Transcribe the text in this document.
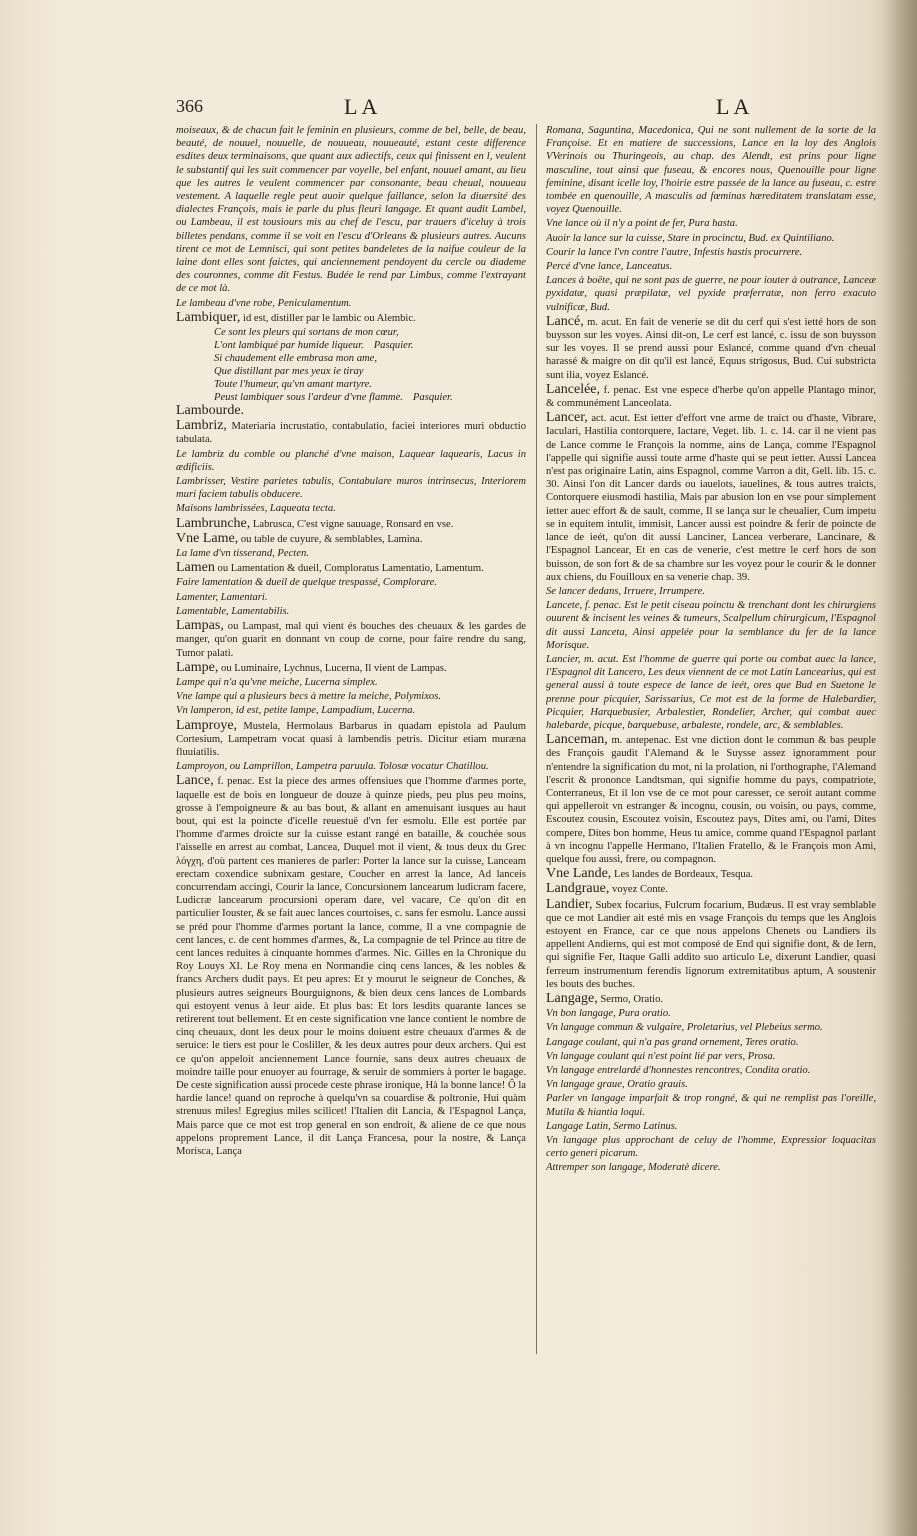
366	LA	LA

moiseaux, & de chacun fait le feminin en plusieurs, comme de bel, belle, de beau, beauté, de nouuel, nouuelle, de nouueau, nouueauté, estant ceste difference esdites deux terminaisons, que quant aux adiectifs, ceux qui finissent en l, veulent le substantif qui les suit commencer par voyelle, bel enfant, nouuel amant, au lieu que les autres le veulent commencer par consonante, beau cheual, nouueau vestement. A laquelle regle peut auoir quelque faillance, selon la diuersité des dialectes François, mais ie parle du plus fleuri langage. Et quant audit Lambel, ou Lambeau, il est tousiours mis au chef de l'escu, par trauers d'iceluy à trois billetes pendans, comme il se voit en l'escu d'Orleans & plusieurs autres. Aucuns tirent ce mot de Lemnisci, qui sont petites bandeletes de la naifue couleur de la laine dont elles sont faictes, qui anciennement pendoyent du cercle ou diademe des couronnes, comme dit Festus. Budée le rend par Limbus, comme l'extrayant de ce mot là.

Le lambeau d'vne robe, Peniculamentum.

Lambiquer, id est, distiller par le lambic ou Alembic.

Ce sont les pleurs qui sortans de mon cœur,

L'ont lambiqué par humide liqueur. Pasquier.

Si chaudement elle embrasa mon ame,

Que distillant par mes yeux ie tiray

Toute l'humeur, qu'vn amant martyre.

Peust lambiquer sous l'ardeur d'vne flamme. Pasquier.

Lambourde.

Lambriz, Materiaria incrustatio, contabulatio, faciei interiores muri obductio tabulata.

Le lambriz du comble ou planché d'vne maison, Laquear laquearis, Lacus in ædificiis.

Lambrisser, Vestire parietes tabulis, Contabulare muros intrinsecus, Interiorem muri faciem tabulis obducere.

Maisons lambrissées, Laqueata tecta.

Lambrunche, Labrusca, C'est vigne sauuage, Ronsard en vse.

Vne Lame, ou table de cuyure, & semblables, Lamina.

La lame d'vn tisserand, Pecten.

Lamen ou Lamentation & dueil, Comploratus Lamentatio, Lamentum.

Faire lamentation & dueil de quelque trespassé, Complorare.

Lamenter, Lamentari.

Lamentable, Lamentabilis.

Lampas, ou Lampast, mal qui vient és bouches des cheuaux & les gardes de manger, qu'on guarit en donnant vn coup de corne, pour faire rendre du sang, Tumor palati.

Lampe, ou Luminaire, Lychnus, Lucerna, Il vient de Lampas.

Lampe qui n'a qu'vne meiche, Lucerna simplex.

Vne lampe qui a plusieurs becs à mettre la meiche, Polymixos.

Vn lamperon, id est, petite lampe, Lampadium, Lucerna.

Lamproye, Mustela, Hermolaus Barbarus in quadam epistola ad Paulum Cortesium, Lampetram vocat quasi à lambendis petris. Dicitur etiam muræna fluuiatilis.

Lamproyon, ou Lamprillon, Lampetra paruula. Tolosæ vocatur Chatillou.

Lance, f. penac. Est la piece des armes offensiues que l'homme d'armes porte, laquelle est de bois en longueur de douze à quinze pieds, peu plus peu moins, grosse à l'empoigneure & au bas bout, & allant en amenuisant iusques au haut bout, qui est la poincte d'icelle reuestuë d'vn fer esmolu. Elle est portée par l'homme d'armes droicte sur la cuisse estant rangé en bataille, & couchée sous l'aisselle en arrest au combat, Lancea, Duquel mot il vient, & tous deux du Grec λόγχη, d'où partent ces manieres de parler: Porter la lance sur la cuisse, Lanceam erectam coxendice subnixam gestare, Coucher en arrest la lance, Ad lanceis concurrendam accingi, Courir la lance, Concursionem lancearum ludicram facere, Ludicræ lancearum procursioni operam dare, vel vacare, Ce qu'on dit en particulier Iouster, & se fait auec lances courtoises, c. sans fer esmolu. Lance aussi se préd pour l'homme d'armes portant la lance, comme, Il a vne compagnie de cent lances, c. de cent hommes d'armes, &, La compagnie de tel Prince au titre de cent lances reduites à cinquante hommes d'armes. Nic. Gilles en la Chronique du Roy Louys XI. Le Roy mena en Normandie cinq cens lances, & les nobles & francs Archers dudit pays. Et peu apres: Et y mourut le seigneur de Conches, & plusieurs autres seigneurs Bourguignons, & bien deux cens lances de Lombards qui estoyent venus à leur aide. Et plus bas: Et lors lesdits quarante lances se retirerent tout bellement. Et en ceste signification vne lance contient le nombre de cinq cheuaux, dont les deux pour le moins doiuent estre cheuaux d'armes & de seruice: le tiers est pour le Cosliller, & les deux autres pour deux archers. Qui est ce qu'on appeloit anciennement Lance fournie, sans deux autres cheuaux de moindre taille pour enuoyer au fourrage, & seruir de sommiers à porter le bagage. De ceste signification aussi procede ceste phrase ironique, Hà la bonne lance! Ô la hardie lance! quand on reproche à quelqu'vn sa couardise & poltronie, Hui quàm strenuus miles! Egregius miles scilicet! l'Italien dit Lancia, & l'Espagnol Lança, Mais parce que ce mot est trop general en son endroit, & aliene de ce que nous appelons proprement Lance, il dit Lança Francesa, pour la nostre, & Lança Morisca, Lança

Romana, Saguntina, Macedonica, Qui ne sont nullement de la sorte de la Françoise. Et en matiere de successions, Lance en la loy des Anglois VVerinois ou Thuringeois, au chap. des Alendt, est prins pour ligne masculine, tout ainsi que fuseau, & encores nous, Quenouille pour ligne feminine, disant icelle loy, l'hoirie estre passée de la lance au fuseau, c. estre tombée en quenouille, A masculis ad fœminas hæreditatem translatam esse, voyez Quenouille.

Vne lance où il n'y a point de fer, Pura hasta.

Auoir la lance sur la cuisse, Stare in procinctu, Bud. ex Quintiliano.

Courir la lance l'vn contre l'autre, Infestis hastis procurrere.

Percé d'vne lance, Lanceatus.

Lances à boëte, qui ne sont pas de guerre, ne pour iouter à outrance, Lanceæ pyxidatæ, quasi præpilatæ, vel pyxide præferratæ, non ferro exacuto vulnificæ, Bud.

Lancé, m. acut. En fait de venerie se dit du cerf qui s'est ietté hors de son buysson sur les voyes. Ainsi dit-on, Le cerf est lancé, c. issu de son buysson sur les voyes. Il se prend aussi pour Eslancé, comme quand d'vn cheual harassé & maigre on dit qu'il est lancé, Equus strigosus, Bud. Cui substricta sunt ilia, voyez Eslancé.

Lancelée, f. penac. Est vne espece d'herbe qu'on appelle Plantago minor, & communément Lanceolata.

Lancer, act. acut. Est ietter d'effort vne arme de traict ou d'haste, Vibrare, Iaculari, Hastilia contorquere, Iactare, Veget. lib. 1. c. 14. car il ne vient pas de Lance comme le François la nomme, ains de Lança, comme l'Espagnol l'appelle qui signifie aussi toute arme d'haste qui se peut ietter. Aussi Lancea n'est pas originaire Latin, ains Espagnol, comme Varron a dit, Gell. lib. 15. c. 30. Ainsi l'on dit Lancer dards ou iauelots, iauelines, & tous autres traicts, Contorquere eiusmodi hastilia, Mais par abusion lon en vse pour simplement ietter auec effort & de sault, comme, Il se lança sur le cheualier, Cum impetu se in equitem intulit, immisit, Lancer aussi est poindre & ferir de poincte de lance de ieét, qu'on dit aussi Lanciner, Lancea verberare, Lancinare, & l'Espagnol Lancear, Et en cas de venerie, c'est mettre le cerf hors de son buisson, de son fort & de sa chambre sur les voyez pour le courir & le donner aux chiens, du Fouilloux en sa venerie chap. 39.

Se lancer dedans, Irruere, Irrumpere.

Lancete, f. penac. Est le petit ciseau poinctu & trenchant dont les chirurgiens ouurent & incisent les veines & tumeurs, Scalpellum chirurgicum, l'Espagnol dit aussi Lanceta, Ainsi appelée pour la semblance du fer de la lance Morisque.

Lancier, m. acut. Est l'homme de guerre qui porte ou combat auec la lance, l'Espagnol dit Lancero, Les deux viennent de ce mot Latin Lancearius, qui est general aussi à toute espece de lance de ieét, ores que Bud en Suetone le prenne pour picquier, Sarissarius, Ce mot est de la forme de Halebardier, Picquier, Harquebusier, Arbalestier, Rondelier, Archer, qui combat auec halebarde, picque, barquebuse, arbaleste, rondele, arc, & semblables.

Lanceman, m. antepenac. Est vne diction dont le commun & bas peuple des François gaudit l'Alemand & le Suysse assez ignoramment pour n'entendre la signification du mot, ni la prolation, ni l'orthographe, l'Alemand l'escrit & prononce Landtsman, qui signifie homme du pays, compatriote, Conterraneus, Et il lon vse de ce mot pour caresser, ce seroit autant comme qui appelleroit vn estranger & incognu, cousin, ou voisin, ou pays, comme, Escoutez cousin, Escoutez voisin, Escoutez pays, Dites ami, ou l'ami, Dites compere, Dites bon homme, Heus tu amice, comme quand l'Espagnol parlant à vn incognu l'appelle Hermano, l'Italien Fratello, & le François mon Ami, quelque fou aussi, frere, ou compagnon.

Vne Lande, Les landes de Bordeaux, Tesqua.

Landgraue, voyez Conte.

Landier, Subex focarius, Fulcrum focarium, Budæus. Il est vray semblable que ce mot Landier ait esté mis en vsage François du temps que les Anglois estoyent en France, car ce que nous appelons Chenets ou Landiers ils appellent Andierns, qui est mot composé de End qui signifie dont, & de Iern, qui signifie Fer, Itaque Galli addito suo articulo Le, dixerunt Landier, quasi ferreum instrumentum ferendis lignorum extremitatibus aptum, A soustenir les bouts des buches.

Langage, Sermo, Oratio.

Vn bon langage, Pura oratio.

Vn langage commun & vulgaire, Proletarius, vel Plebeius sermo.

Langage coulant, qui n'a pas grand ornement, Teres oratio.

Vn langage coulant qui n'est point lié par vers, Prosa.

Vn langage entrelardé d'honnestes rencontres, Condita oratio.

Vn langage graue, Oratio grauis.

Parler vn langage imparfait & trop rongné, & qui ne remplist pas l'oreille, Mutila & hiantia loqui.

Langage Latin, Sermo Latinus.

Vn langage plus approchant de celuy de l'homme, Expressior loquacitas certo generi picarum.

Attremper son langage, Moderatè dicere.
